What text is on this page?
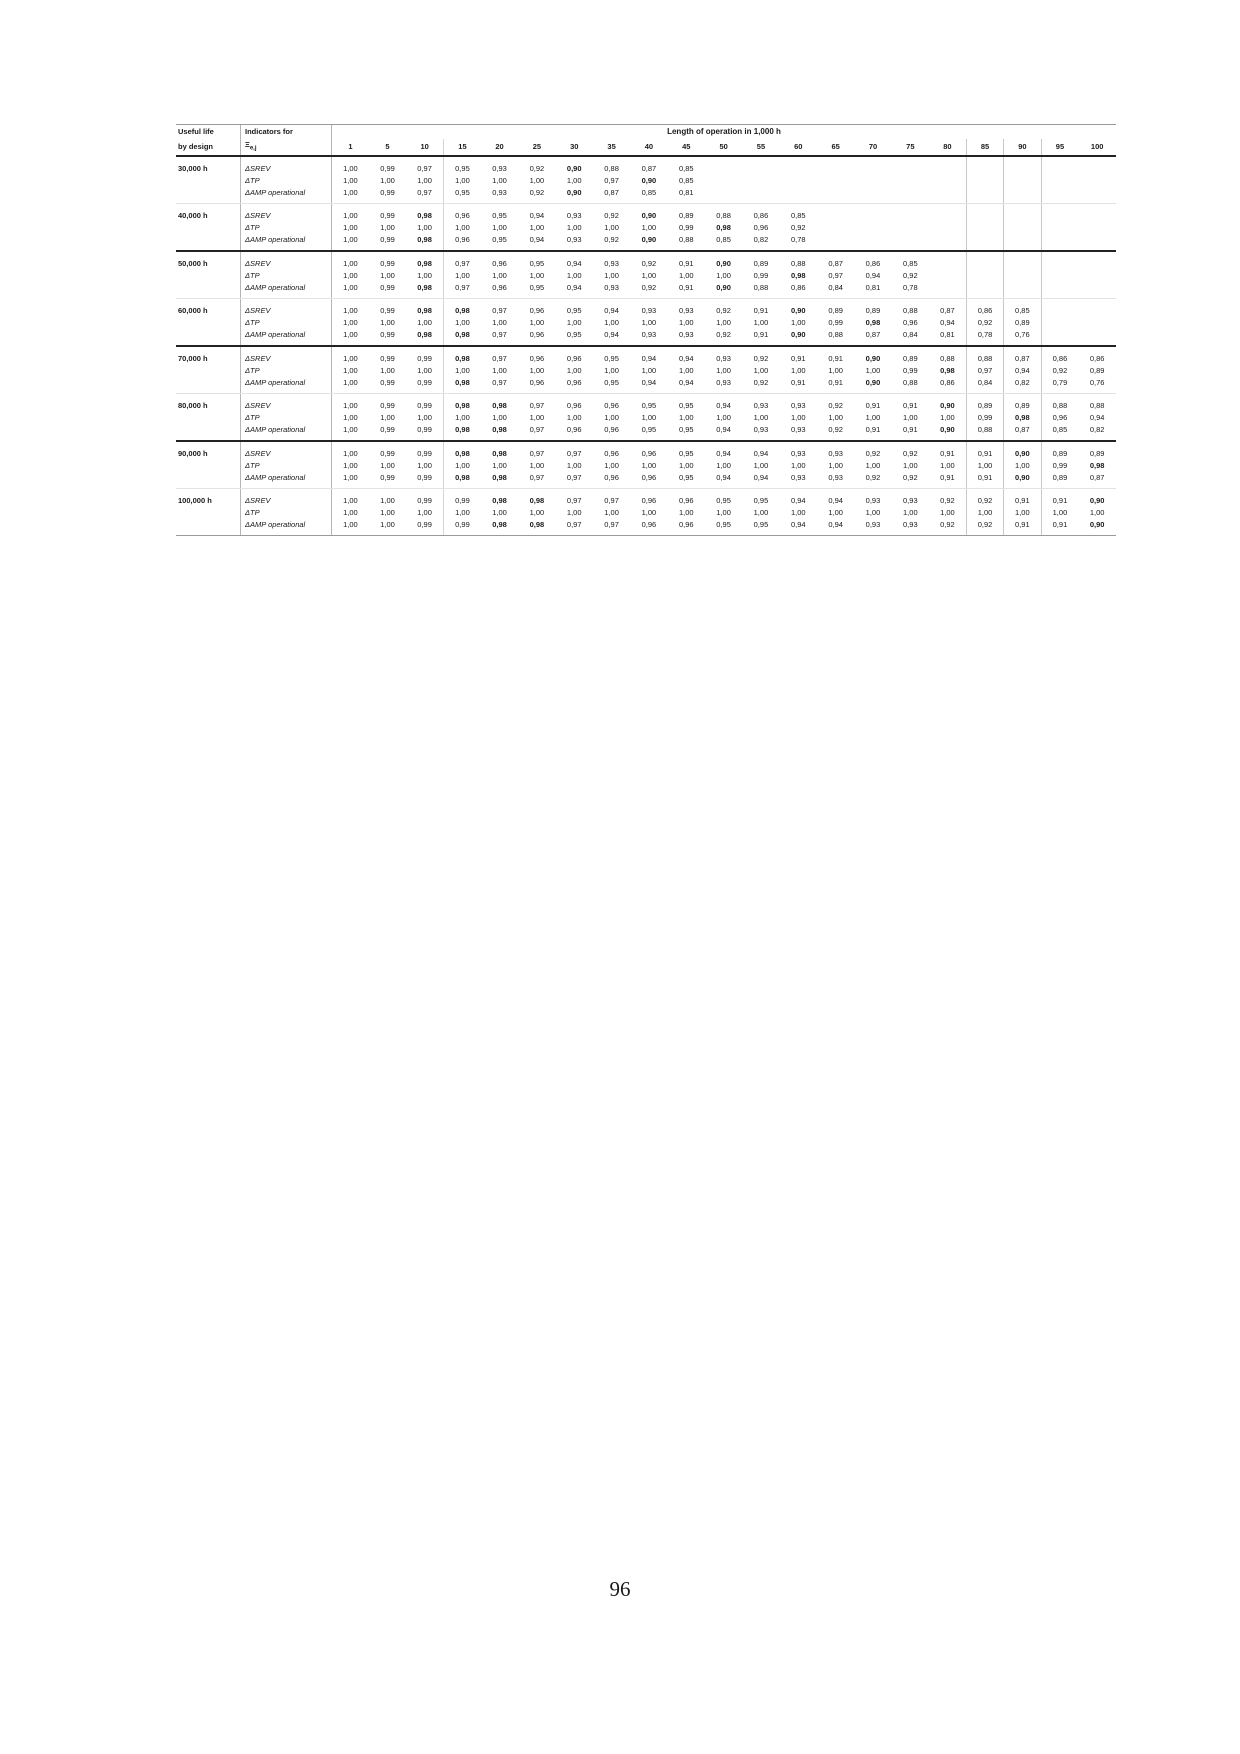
Useful life	Indicators for	Length of operation in 1,000 h																				
by design	$\Xi_{e,j}$	1	5	10	15	20	25	30	35	40	45	50	55	60	65	70	75	80	85	90	95	100
30,000 h	ΔSREV	1,00	0,99	0,97	0,95	0,93	0,92	0,90	0,88	0,87	0,85											
	ΔTP	1,00	1,00	1,00	1,00	1,00	1,00	1,00	0,97	0,90	0,85											
	ΔAMP operational	1,00	0,99	0,97	0,95	0,93	0,92	0,90	0,87	0,85	0,81											
40,000 h	ΔSREV	1,00	0,99	0,98	0,96	0,95	0,94	0,93	0,92	0,90	0,89	0,88	0,86	0,85								
	ΔTP	1,00	1,00	1,00	1,00	1,00	1,00	1,00	1,00	1,00	0,99	0,98	0,96	0,92								
	ΔAMP operational	1,00	0,99	0,98	0,96	0,95	0,94	0,93	0,92	0,90	0,88	0,85	0,82	0,78								
50,000 h	ΔSREV	1,00	0,99	0,98	0,97	0,96	0,95	0,94	0,93	0,92	0,91	0,90	0,89	0,88	0,87	0,86	0,85					
	ΔTP	1,00	1,00	1,00	1,00	1,00	1,00	1,00	1,00	1,00	1,00	1,00	0,99	0,98	0,97	0,94	0,92					
	ΔAMP operational	1,00	0,99	0,98	0,97	0,96	0,95	0,94	0,93	0,92	0,91	0,90	0,88	0,86	0,84	0,81	0,78					
60,000 h	ΔSREV	1,00	0,99	0,98	0,98	0,97	0,96	0,95	0,94	0,93	0,93	0,92	0,91	0,90	0,89	0,89	0,88	0,87	0,86	0,85		
	ΔTP	1,00	1,00	1,00	1,00	1,00	1,00	1,00	1,00	1,00	1,00	1,00	1,00	1,00	0,99	0,98	0,96	0,94	0,92	0,89		
	ΔAMP operational	1,00	0,99	0,98	0,98	0,97	0,96	0,95	0,94	0,93	0,93	0,92	0,91	0,90	0,88	0,87	0,84	0,81	0,78	0,76		
70,000 h	ΔSREV	1,00	0,99	0,99	0,98	0,97	0,96	0,96	0,95	0,94	0,94	0,93	0,92	0,91	0,91	0,90	0,89	0,88	0,88	0,87	0,86	0,86
	ΔTP	1,00	1,00	1,00	1,00	1,00	1,00	1,00	1,00	1,00	1,00	1,00	1,00	1,00	1,00	1,00	0,99	0,98	0,97	0,94	0,92	0,89
	ΔAMP operational	1,00	0,99	0,99	0,98	0,97	0,96	0,96	0,95	0,94	0,94	0,93	0,92	0,91	0,91	0,90	0,88	0,86	0,84	0,82	0,79	0,76
80,000 h	ΔSREV	1,00	0,99	0,99	0,98	0,98	0,97	0,96	0,96	0,95	0,95	0,94	0,93	0,93	0,92	0,91	0,91	0,90	0,89	0,89	0,88	0,88
	ΔTP	1,00	1,00	1,00	1,00	1,00	1,00	1,00	1,00	1,00	1,00	1,00	1,00	1,00	1,00	1,00	1,00	1,00	0,99	0,98	0,96	0,94
	ΔAMP operational	1,00	0,99	0,99	0,98	0,98	0,97	0,96	0,96	0,95	0,95	0,94	0,93	0,93	0,92	0,91	0,91	0,90	0,88	0,87	0,85	0,82
90,000 h	ΔSREV	1,00	0,99	0,99	0,98	0,98	0,97	0,97	0,96	0,96	0,95	0,94	0,94	0,93	0,93	0,92	0,92	0,91	0,91	0,90	0,89	0,89
	ΔTP	1,00	1,00	1,00	1,00	1,00	1,00	1,00	1,00	1,00	1,00	1,00	1,00	1,00	1,00	1,00	1,00	1,00	1,00	1,00	0,99	0,98
	ΔAMP operational	1,00	0,99	0,99	0,98	0,98	0,97	0,97	0,96	0,96	0,95	0,94	0,94	0,93	0,93	0,92	0,92	0,91	0,91	0,90	0,89	0,87
100,000 h	ΔSREV	1,00	1,00	0,99	0,99	0,98	0,98	0,97	0,97	0,96	0,96	0,95	0,95	0,94	0,94	0,93	0,93	0,92	0,92	0,91	0,91	0,90
	ΔTP	1,00	1,00	1,00	1,00	1,00	1,00	1,00	1,00	1,00	1,00	1,00	1,00	1,00	1,00	1,00	1,00	1,00	1,00	1,00	1,00	1,00
	ΔAMP operational	1,00	1,00	0,99	0,99	0,98	0,98	0,97	0,97	0,96	0,96	0,95	0,95	0,94	0,94	0,93	0,93	0,92	0,92	0,91	0,91	0,90
96
